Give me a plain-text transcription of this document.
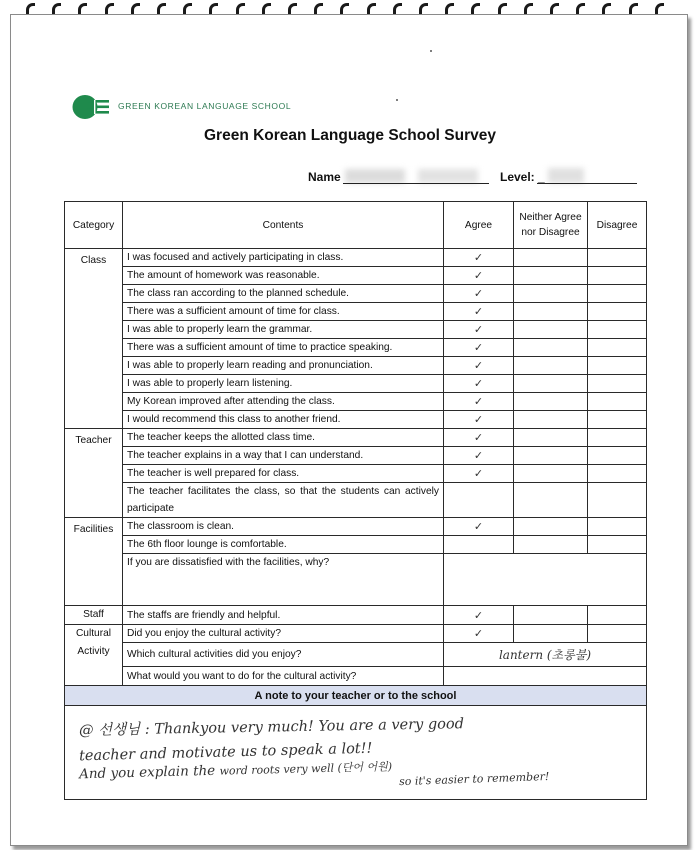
GREEN KOREAN LANGUAGE SCHOOL
Green Korean Language School Survey
Name	Level: _
Category	Contents	Agree	Neither Agree nor Disagree	Disagree
Class	I was focused and actively participating in class.	✓		
	The amount of homework was reasonable.	✓		
	The class ran according to the planned schedule.	✓		
	There was a sufficient amount of time for class.	✓		
	I was able to properly learn the grammar.	✓		
	There was a sufficient amount of time to practice speaking.	✓		
	I was able to properly learn reading and pronunciation.	✓		
	I was able to properly learn listening.	✓		
	My Korean improved after attending the class.	✓		
	I would recommend this class to another friend.	✓		
Teacher	The teacher keeps the allotted class time.	✓		
	The teacher explains in a way that I can understand.	✓		
	The teacher is well prepared for class.	✓		
	The teacher facilitates the class, so that the students can actively participate			
Facilities	The classroom is clean.	✓		
	The 6th floor lounge is comfortable.			
	If you are dissatisfied with the facilities, why?			
Staff	The staffs are friendly and helpful.	✓		
Cultural Activity	Did you enjoy the cultural activity?	✓		
	Which cultural activities did you enjoy?	lantern (초롱불)		
	What would you want to do for the cultural activity?			
A note to your teacher or to the school				

@ 선생님 : Thankyou very much! You are a very good
teacher and motivate us to speak a lot!!
And you explain the word roots very well (단어 어원)
so it's easier to remember!				
